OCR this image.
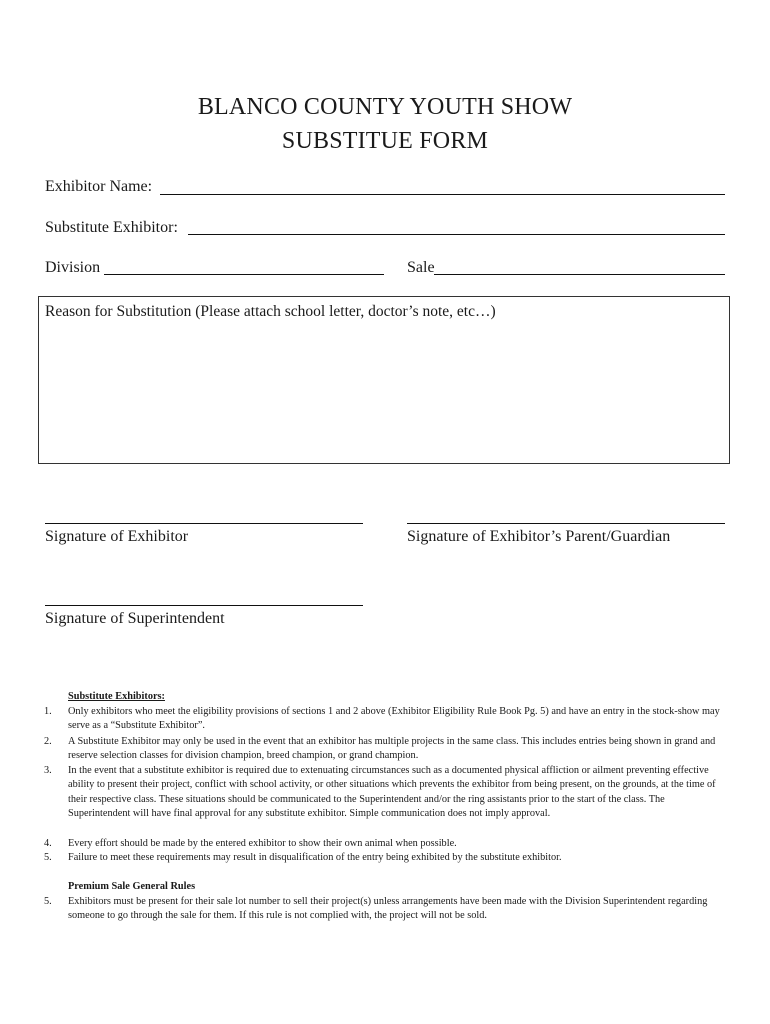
BLANCO COUNTY YOUTH SHOW
SUBSTITUE FORM
Exhibitor Name:
Substitute Exhibitor:
Division	Sale
Reason for Substitution (Please attach school letter, doctor’s note, etc…)
Signature of Exhibitor	Signature of Exhibitor’s Parent/Guardian
Signature of Superintendent
Substitute Exhibitors:
1. Only exhibitors who meet the eligibility provisions of sections 1 and 2 above (Exhibitor Eligibility Rule Book Pg. 5) and have an entry in the stock-show may serve as a “Substitute Exhibitor”.
2. A Substitute Exhibitor may only be used in the event that an exhibitor has multiple projects in the same class. This includes entries being shown in grand and reserve selection classes for division champion, breed champion, or grand champion.
3. In the event that a substitute exhibitor is required due to extenuating circumstances such as a documented physical affliction or ailment preventing effective ability to present their project, conflict with school activity, or other situations which prevents the exhibitor from being present, on the grounds, at the time of their respective class. These situations should be communicated to the Superintendent and/or the ring assistants prior to the start of the class. The Superintendent will have final approval for any substitute exhibitor. Simple communication does not imply approval.
4. Every effort should be made by the entered exhibitor to show their own animal when possible.
5. Failure to meet these requirements may result in disqualification of the entry being exhibited by the substitute exhibitor.
Premium Sale General Rules
5. Exhibitors must be present for their sale lot number to sell their project(s) unless arrangements have been made with the Division Superintendent regarding someone to go through the sale for them. If this rule is not complied with, the project will not be sold.
